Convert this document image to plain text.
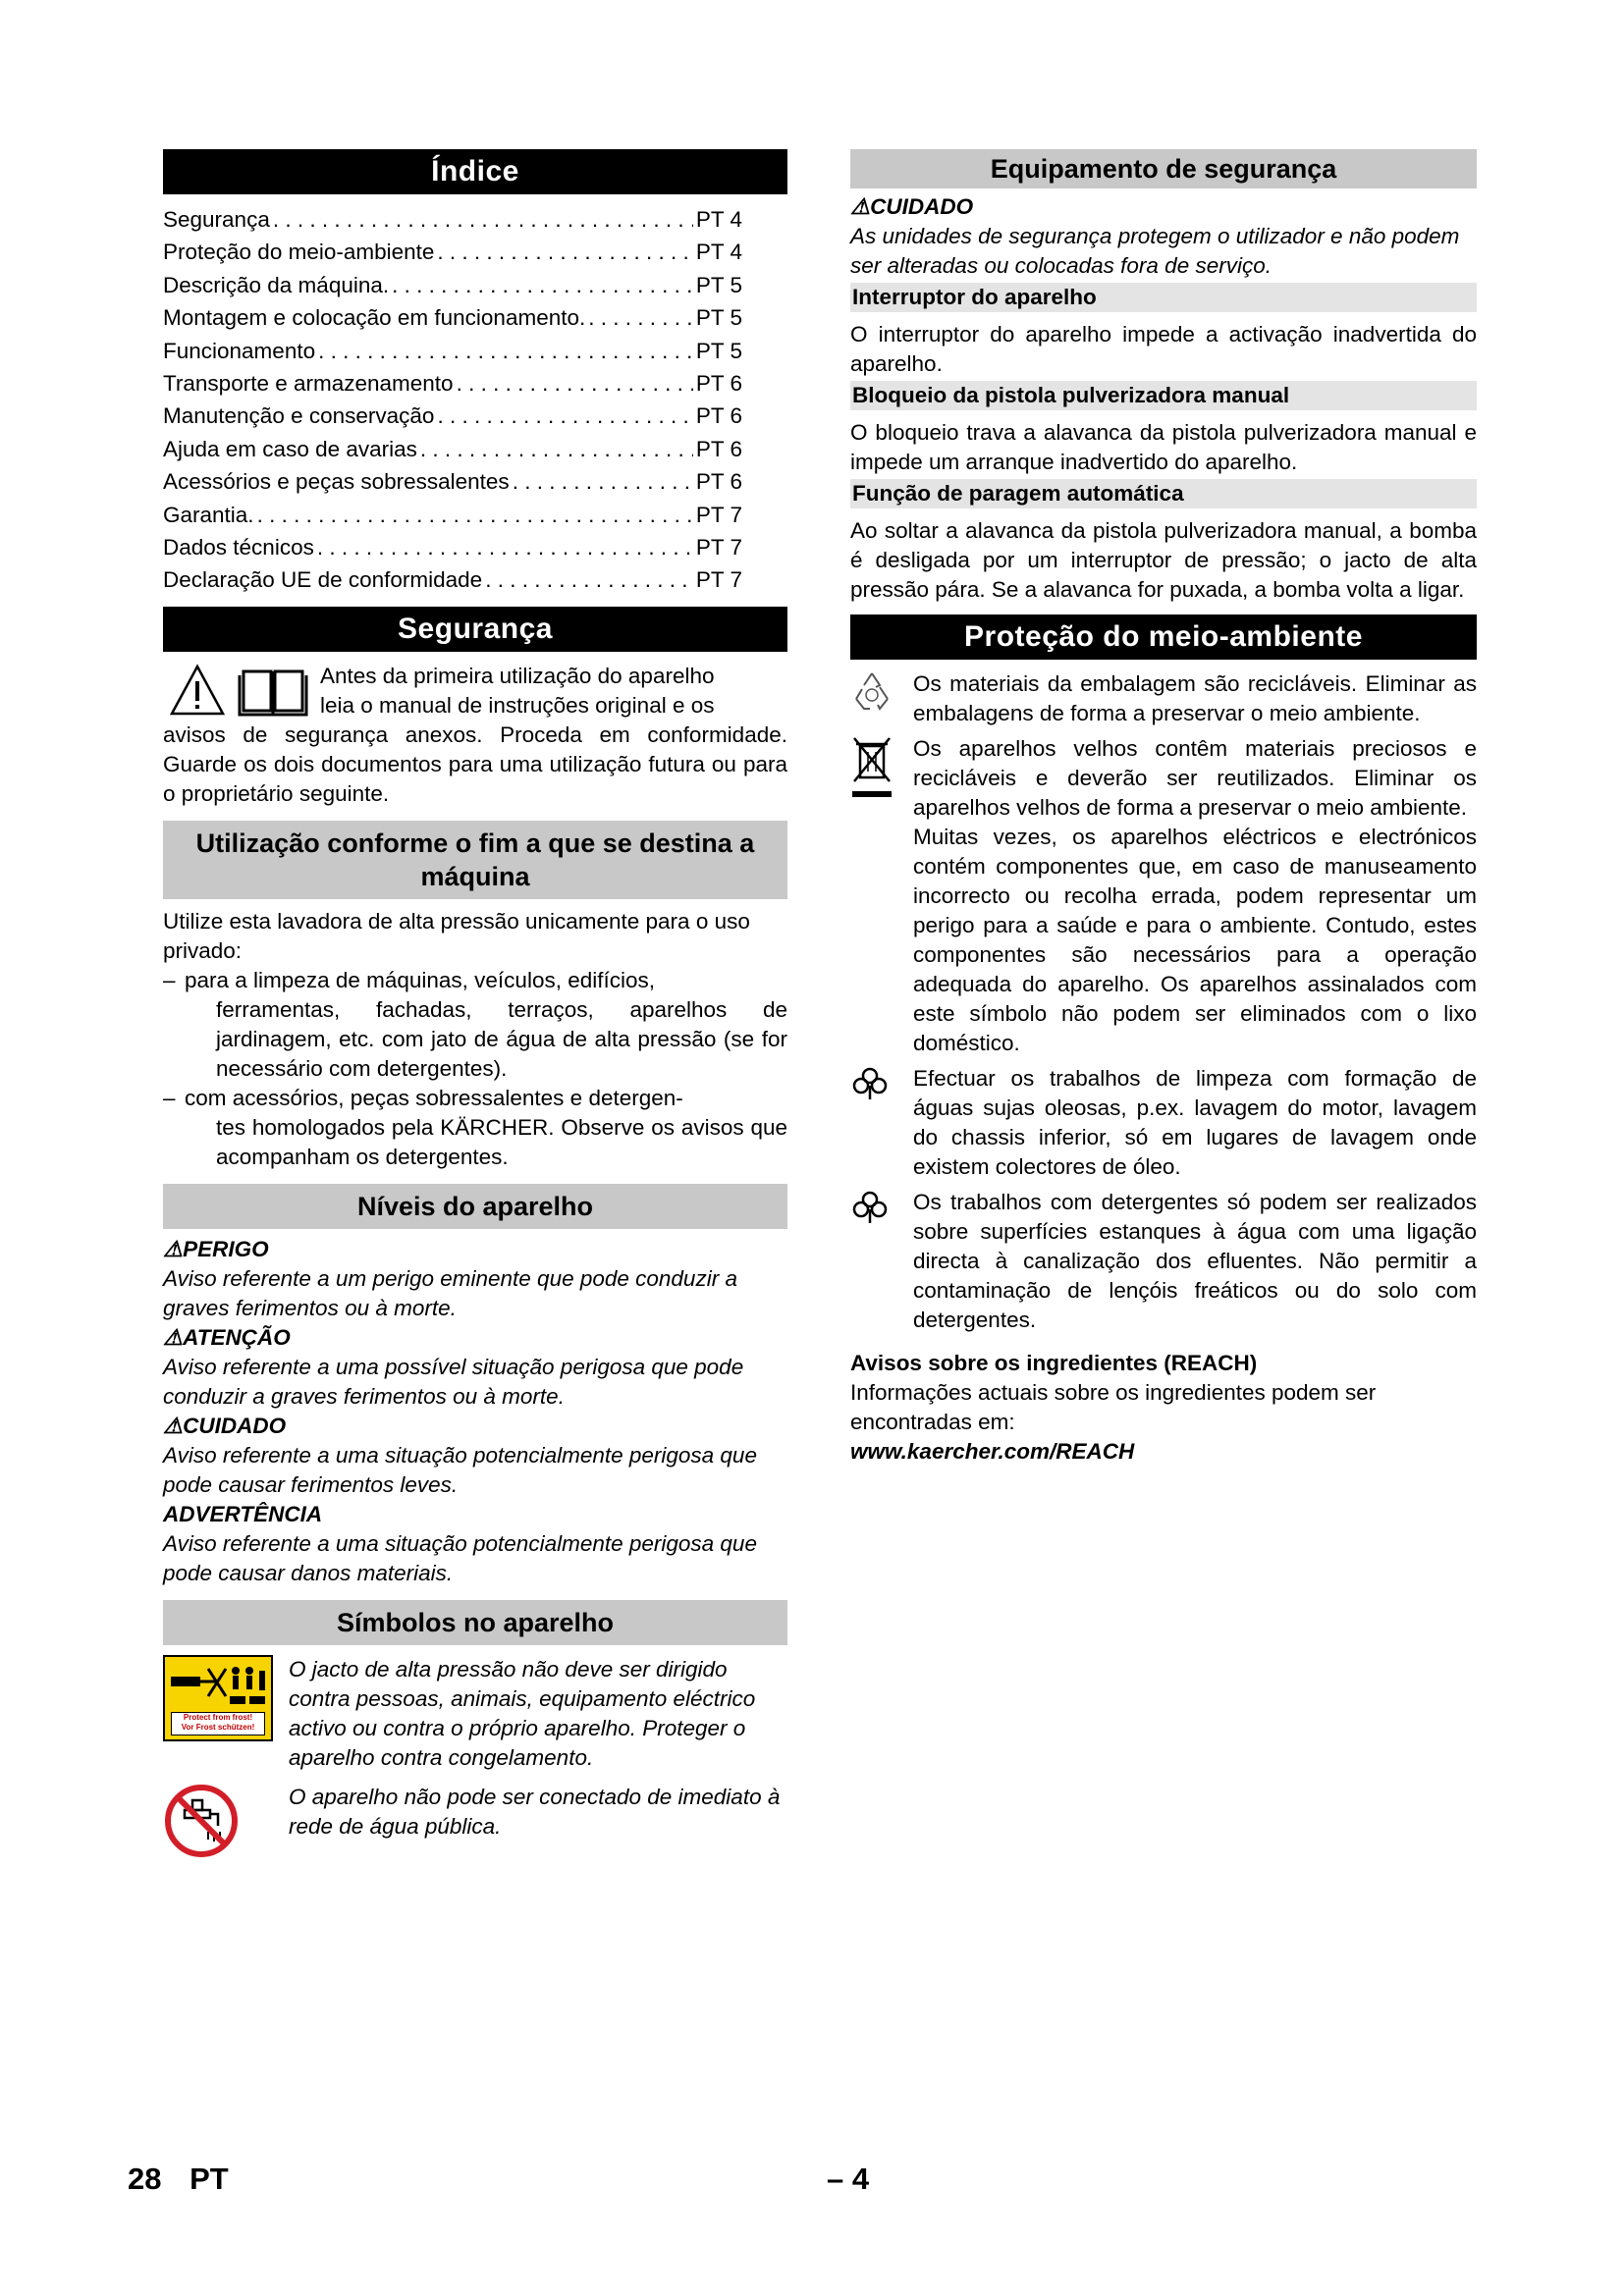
Índice
Segurança . . .	PT 4
Proteção do meio-ambiente . . .	PT 4
Descrição da máquina. . . .	PT 5
Montagem e colocação em funcionamento. . . .	PT 5
Funcionamento . . .	PT 5
Transporte e armazenamento . . .	PT 6
Manutenção e conservação . . .	PT 6
Ajuda em caso de avarias . . .	PT 6
Acessórios e peças sobressalentes . . .	PT 6
Garantia. . . .	PT 7
Dados técnicos . . .	PT 7
Declaração UE de conformidade . . .	PT 7
Segurança
Antes da primeira utilização do aparelho
leia o manual de instruções original e os

avisos de segurança anexos. Proceda em conformidade. Guarde os dois documentos para uma utilização futura ou para o proprietário seguinte.

Utilização conforme o fim a que se destina a máquina

Utilize esta lavadora de alta pressão unicamente para o uso privado:

– para a limpeza de máquinas, veículos, edifícios,

ferramentas, fachadas, terraços, aparelhos de jardinagem, etc. com jato de água de alta pressão (se for necessário com detergentes).

– com acessórios, peças sobressalentes e detergen-

tes homologados pela KÄRCHER. Observe os avisos que acompanham os detergentes.

Níveis do aparelho
⚠PERIGO

Aviso referente a um perigo eminente que pode conduzir a graves ferimentos ou à morte.

⚠ATENÇÃO

Aviso referente a uma possível situação perigosa que pode conduzir a graves ferimentos ou à morte.

⚠CUIDADO

Aviso referente a uma situação potencialmente perigosa que pode causar ferimentos leves.

ADVERTÊNCIA

Aviso referente a uma situação potencialmente perigosa que pode causar danos materiais.

Símbolos no aparelho
Protect from frost!
Vor Frost schützen!

O jacto de alta pressão não deve ser dirigido contra pessoas, animais, equipamento eléctrico activo ou contra o próprio aparelho. Proteger o aparelho contra congelamento.

O aparelho não pode ser conectado de imediato à rede de água pública.

Equipamento de segurança
⚠CUIDADO

As unidades de segurança protegem o utilizador e não podem ser alteradas ou colocadas fora de serviço.

Interruptor do aparelho

O interruptor do aparelho impede a activação inadvertida do aparelho.

Bloqueio da pistola pulverizadora manual

O bloqueio trava a alavanca da pistola pulverizadora manual e impede um arranque inadvertido do aparelho.

Função de paragem automática

Ao soltar a alavanca da pistola pulverizadora manual, a bomba é desligada por um interruptor de pressão; o jacto de alta pressão pára. Se a alavanca for puxada, a bomba volta a ligar.

Proteção do meio-ambiente

Os materiais da embalagem são recicláveis. Eliminar as embalagens de forma a preservar o meio ambiente.

Os aparelhos velhos contêm materiais preciosos e recicláveis e deverão ser reutilizados. Eliminar os aparelhos velhos de forma a preservar o meio ambiente.

Muitas vezes, os aparelhos eléctricos e electrónicos contém componentes que, em caso de manuseamento incorrecto ou recolha errada, podem representar um perigo para a saúde e para o ambiente. Contudo, estes componentes são necessários para a operação adequada do aparelho. Os aparelhos assinalados com este símbolo não podem ser eliminados com o lixo doméstico.

Efectuar os trabalhos de limpeza com formação de águas sujas oleosas, p.ex. lavagem do motor, lavagem do chassis inferior, só em lugares de lavagem onde existem colectores de óleo.

Os trabalhos com detergentes só podem ser realizados sobre superfícies estanques à água com uma ligação directa à canalização dos efluentes. Não permitir a contaminação de lençóis freáticos ou do solo com detergentes.

Avisos sobre os ingredientes (REACH)

Informações actuais sobre os ingredientes podem ser encontradas em:

www.kaercher.com/REACH
28 PT	– 4
